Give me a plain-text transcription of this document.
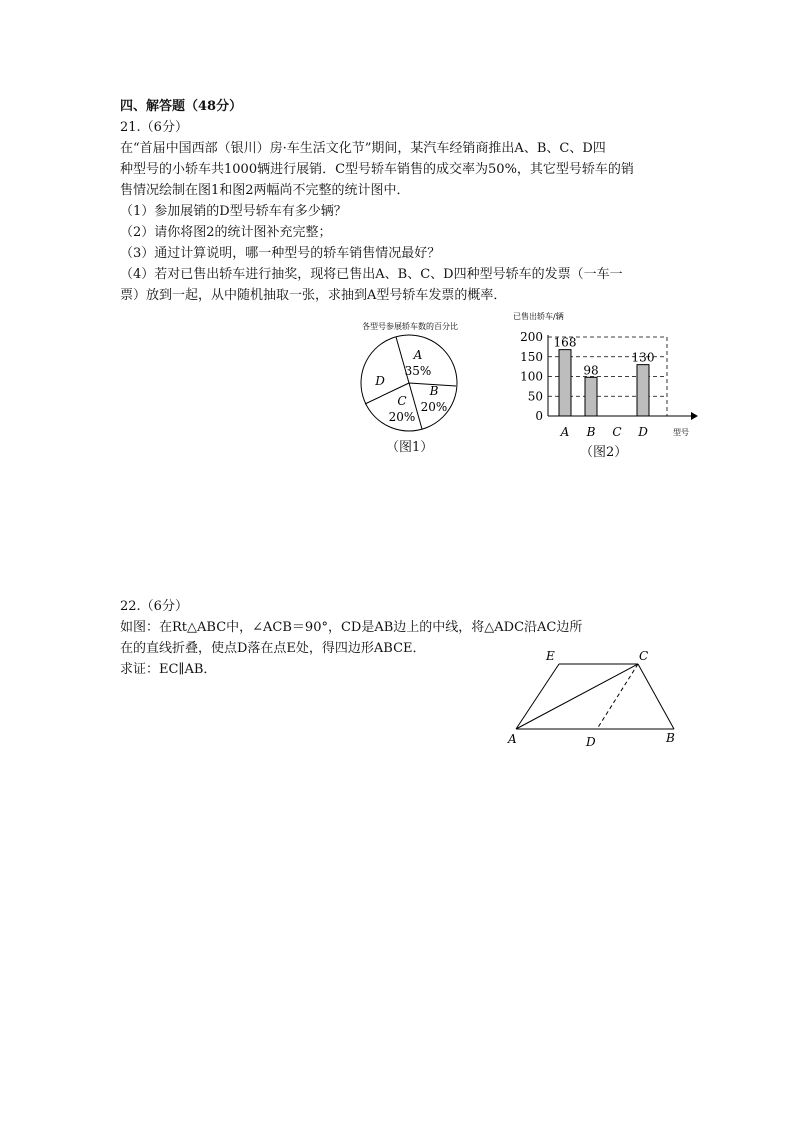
四、解答题（48分）
21.（6分）
在“首届中国西部（银川）房·车生活文化节”期间，某汽车经销商推出A、B、C、D四
种型号的小轿车共1000辆进行展销．C型号轿车销售的成交率为50%，其它型号轿车的销
售情况绘制在图1和图2两幅尚不完整的统计图中．
（1）参加展销的D型号轿车有多少辆？
（2）请你将图2的统计图补充完整；
（3）通过计算说明，哪一种型号的轿车销售情况最好？
（4）若对已售出轿车进行抽奖，现将已售出A、B、C、D四种型号轿车的发票（一车一
票）放到一起，从中随机抽取一张，求抽到A型号轿车发票的概率．
各型号参展轿车数的百分比
A
35%
B
20%
C
20%
D
（图1）
已售出轿车/辆
0
50
100
150
200 168
A
98
B C
130
D	型号
（图2）
22.（6分）
如图：在Rt△ABC中，∠ACB＝90°，CD是AB边上的中线，将△ADC沿AC边所
在的直线折叠，使点D落在点E处，得四边形ABCE．
求证：EC∥AB．
E	C
A	D	B
